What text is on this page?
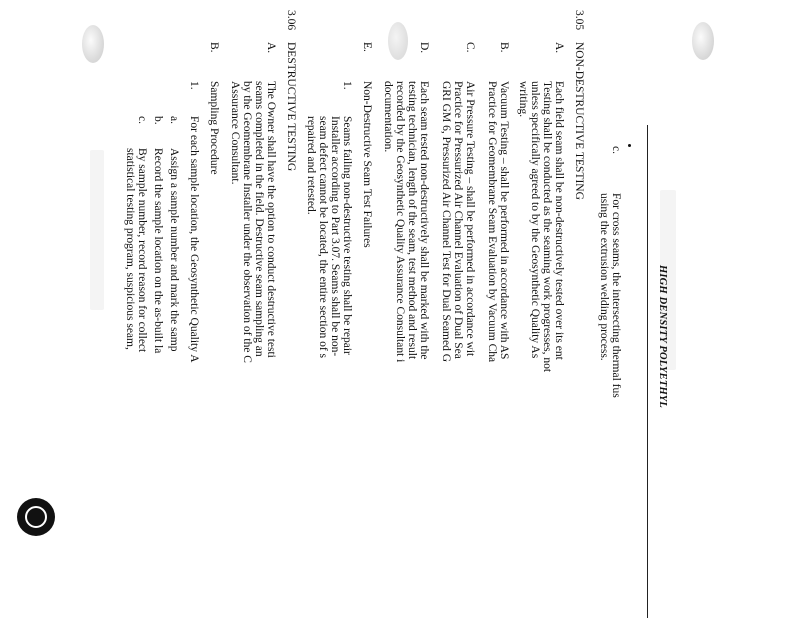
HIGH DENSITY POLYETHYL
c.
For cross seams, the intersecting thermal fus
using the extrusion welding process.
3.05
NON-DESTRUCTIVE TESTING
A.
Each field seam shall be non-destructively tested over its ent
Testing shall be conducted as the seaming work progresses, not
unless specifically agreed to by the Geosynthetic Quality As
writing.
B.
Vacuum Testing – shall be performed in accordance with AS
Practice for Geomembrane Seam Evaluation by Vacuum Cha
C.
Air Pressure Testing – shall be performed in accordance wit
Practice for Pressurized Air Channel Evaluation of Dual Sea
GRI GM 6, Pressurized Air Channel Test for Dual Seamed G
D.
Each seam tested non-destructively shall be marked with the
testing technician, length of the seam, test method and result
recorded by the Geosynthetic Quality Assurance Consultant i
documentation.
E.
Non-Destructive Seam Test Failures
1.
Seams failing non-destructive testing shall be repair
Installer according to Part 3.07. Seams shall be non-
seam defect cannot be located, the entire section of s
repaired and retested.
3.06
DESTRUCTIVE TESTING
A.
The Owner shall have the option to conduct destructive testi
seams completed in the field. Destructive seam sampling an
by the Geomembrane Installer under the observation of the C
Assurance Consultant.
B.
Sampling Procedure
1.
For each sample location, the Geosynthetic Quality A
a.
Assign a sample number and mark the samp
b.
Record the sample location on the as-built la
c.
By sample number, record reason for collect
statistical testing program, suspicious seam,
